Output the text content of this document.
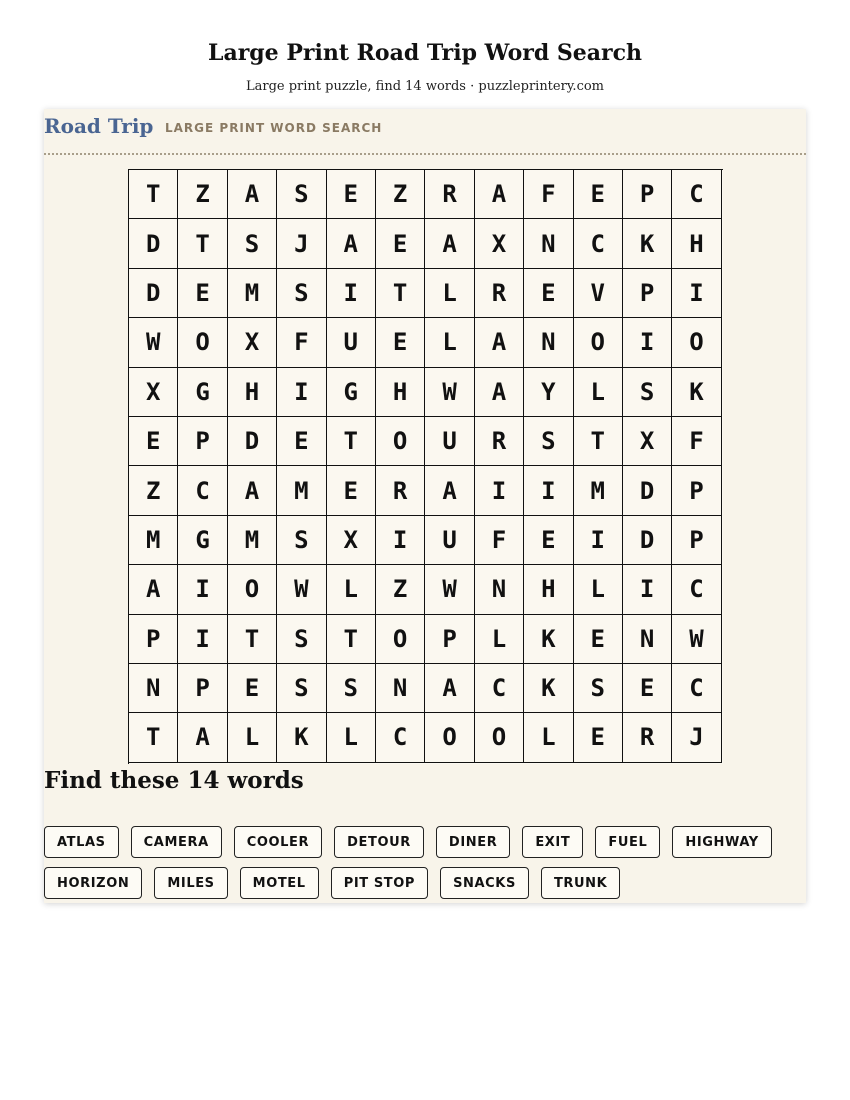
Large Print Road Trip Word Search
Large print puzzle, find 14 words · puzzleprintery.com
Road Trip LARGE PRINT WORD SEARCH
T	Z	A	S	E	Z	R	A	F	E	P	C
D	T	S	J	A	E	A	X	N	C	K	H
D	E	M	S	I	T	L	R	E	V	P	I
W	O	X	F	U	E	L	A	N	O	I	O
X	G	H	I	G	H	W	A	Y	L	S	K
E	P	D	E	T	O	U	R	S	T	X	F
Z	C	A	M	E	R	A	I	I	M	D	P
M	G	M	S	X	I	U	F	E	I	D	P
A	I	O	W	L	Z	W	N	H	L	I	C
P	I	T	S	T	O	P	L	K	E	N	W
N	P	E	S	S	N	A	C	K	S	E	C
T	A	L	K	L	C	O	O	L	E	R	J
Find these 14 words
ATLAS	CAMERA	COOLER	DETOUR	DINER	EXIT	FUEL	HIGHWAY
HORIZON	MILES	MOTEL	PIT STOP	SNACKS	TRUNK
